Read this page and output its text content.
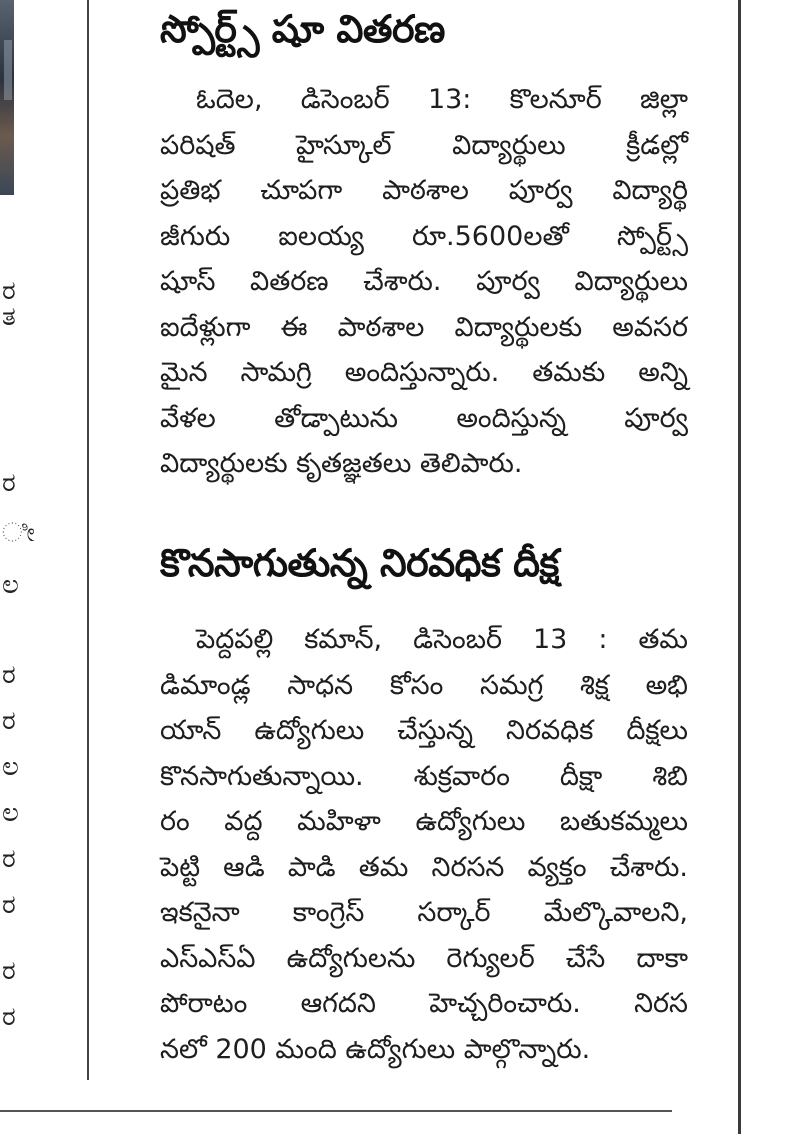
ರ
ತ
ರ
ೀ
ಲ
ರ
ರ
ಲ
ಲ
ರ
ರ
ರ
ರ
స్పోర్ట్స్ షూ వితరణ
ఓదెల, డిసెంబర్ 13: కొలనూర్ జిల్లా
పరిషత్ హైస్కూల్ విద్యార్థులు క్రీడల్లో
ప్రతిభ చూపగా పాఠశాల పూర్వ విద్యార్థి
జీగురు ఐలయ్య రూ.5600లతో స్పోర్ట్స్
షూస్ వితరణ చేశారు. పూర్వ విద్యార్థులు
ఐదేళ్లుగా ఈ పాఠశాల విద్యార్థులకు అవసర
మైన సామగ్రి అందిస్తున్నారు. తమకు అన్ని
వేళల తోడ్పాటును అందిస్తున్న పూర్వ
విద్యార్థులకు కృతజ్ఞతలు తెలిపారు.
కొనసాగుతున్న నిరవధిక దీక్ష
పెద్దపల్లి కమాన్, డిసెంబర్ 13 : తమ
డిమాండ్ల సాధన కోసం సమగ్ర శిక్ష అభి
యాన్ ఉద్యోగులు చేస్తున్న నిరవధిక దీక్షలు
కొనసాగుతున్నాయి. శుక్రవారం దీక్షా శిబి
రం వద్ద మహిళా ఉద్యోగులు బతుకమ్మలు
పెట్టి ఆడి పాడి తమ నిరసన వ్యక్తం చేశారు.
ఇకనైనా కాంగ్రెస్ సర్కార్ మేల్కొవాలని,
ఎస్ఎస్ఏ ఉద్యోగులను రెగ్యులర్ చేసే దాకా
పోరాటం ఆగదని హెచ్చరించారు. నిరస
నలో 200 మంది ఉద్యోగులు పాల్గొన్నారు.
